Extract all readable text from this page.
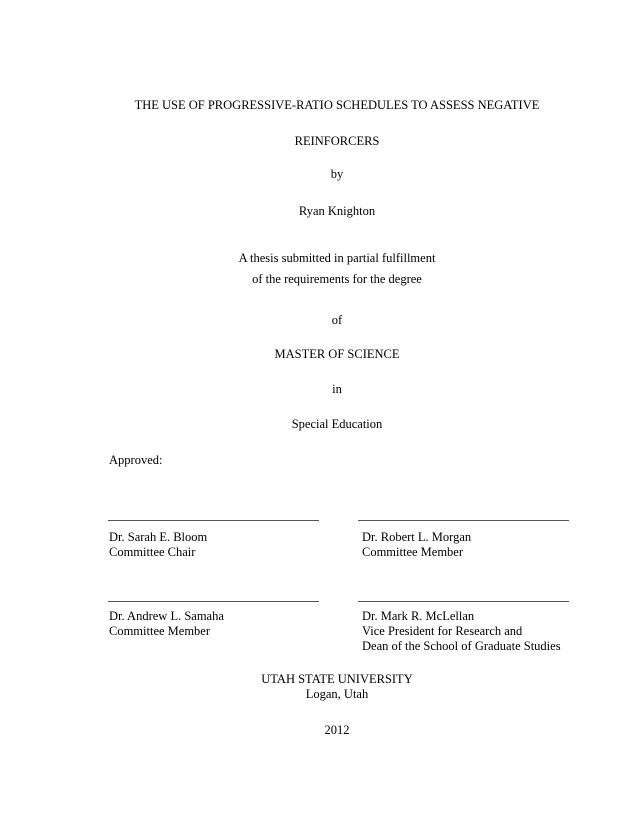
THE USE OF PROGRESSIVE-RATIO SCHEDULES TO ASSESS NEGATIVE
REINFORCERS
by
Ryan Knighton
A thesis submitted in partial fulfillment
of the requirements for the degree
of
MASTER OF SCIENCE
in
Special Education
Approved:
Dr. Sarah E. Bloom
Committee Chair
Dr. Robert L. Morgan
Committee Member
Dr. Andrew L. Samaha
Committee Member
Dr. Mark R. McLellan
Vice President for Research and
Dean of the School of Graduate Studies
UTAH STATE UNIVERSITY
Logan, Utah
2012
